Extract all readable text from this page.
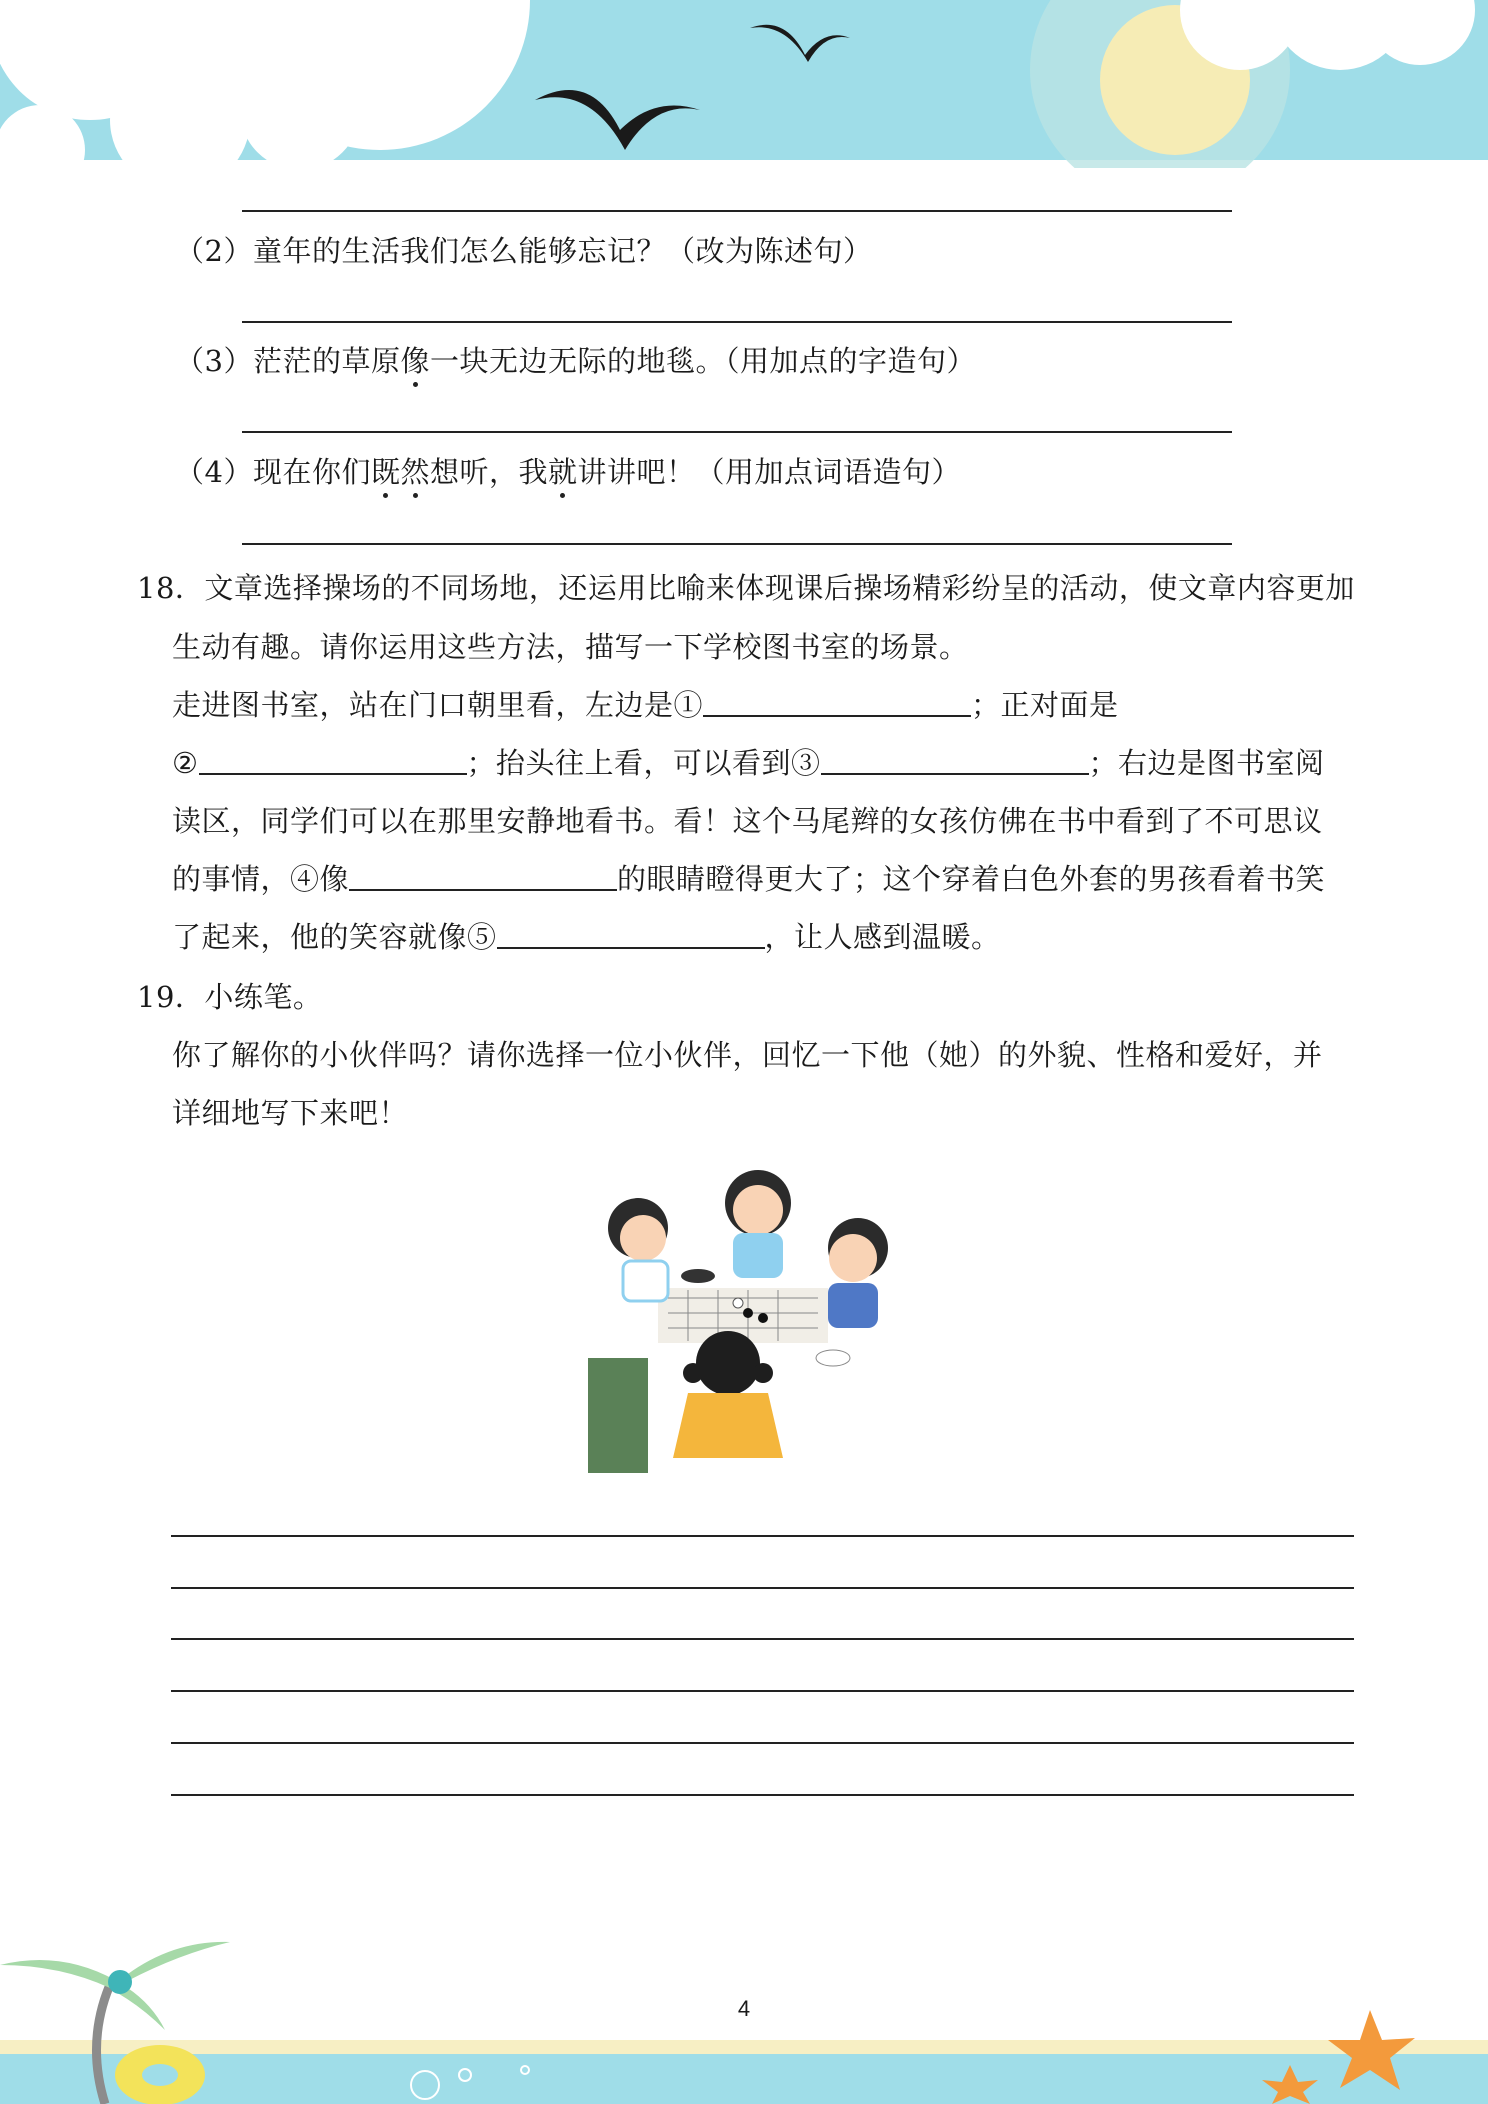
（2）童年的生活我们怎么能够忘记？（改为陈述句）
（3）茫茫的草原像一块无边无际的地毯。（用加点的字造句）
（4）现在你们既然想听，我就讲讲吧！（用加点词语造句）
18．文章选择操场的不同场地，还运用比喻来体现课后操场精彩纷呈的活动，使文章内容更加
生动有趣。请你运用这些方法，描写一下学校图书室的场景。
走进图书室，站在门口朝里看，左边是①	；正对面是
②	；抬头往上看，可以看到③	；右边是图书室阅
读区，同学们可以在那里安静地看书。看！这个马尾辫的女孩仿佛在书中看到了不可思议
的事情，④像	的眼睛瞪得更大了；这个穿着白色外套的男孩看着书笑
了起来，他的笑容就像⑤	，让人感到温暖。
19．小练笔。
你了解你的小伙伴吗？请你选择一位小伙伴，回忆一下他（她）的外貌、性格和爱好，并
详细地写下来吧！
4
